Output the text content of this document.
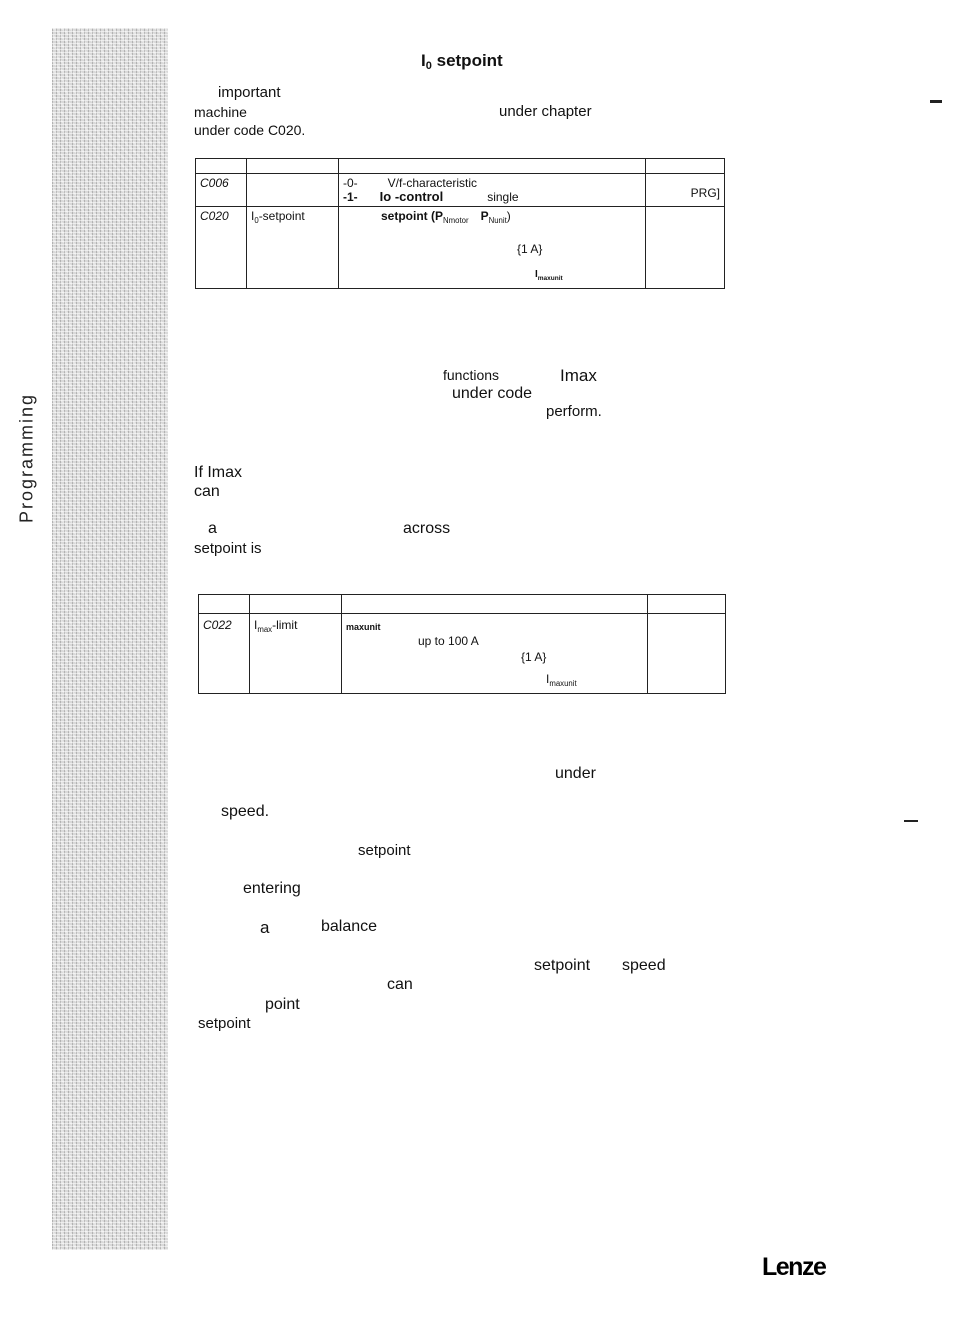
Programming
$I_0$ setpoint
important
machine	under chapter
under code C020.

C006		-0- V/f-characteristic
-1- Io -control single	PRG]
C020	$I_0$-setpoint	setpoint ($P_{Nmotor}$ $P_{Nunit}$)
{1 A}
$I_{maxunit}$

functions	Imax
under code
perform.
If Imax
can
a	across
setpoint is

C022	$I_{max}$-limit	maxunit
up to 100 A
{1 A}
$I_{maxunit}$

under
speed.
setpoint
entering
a	balance
setpoint speed
can
point
setpoint
Lenze
